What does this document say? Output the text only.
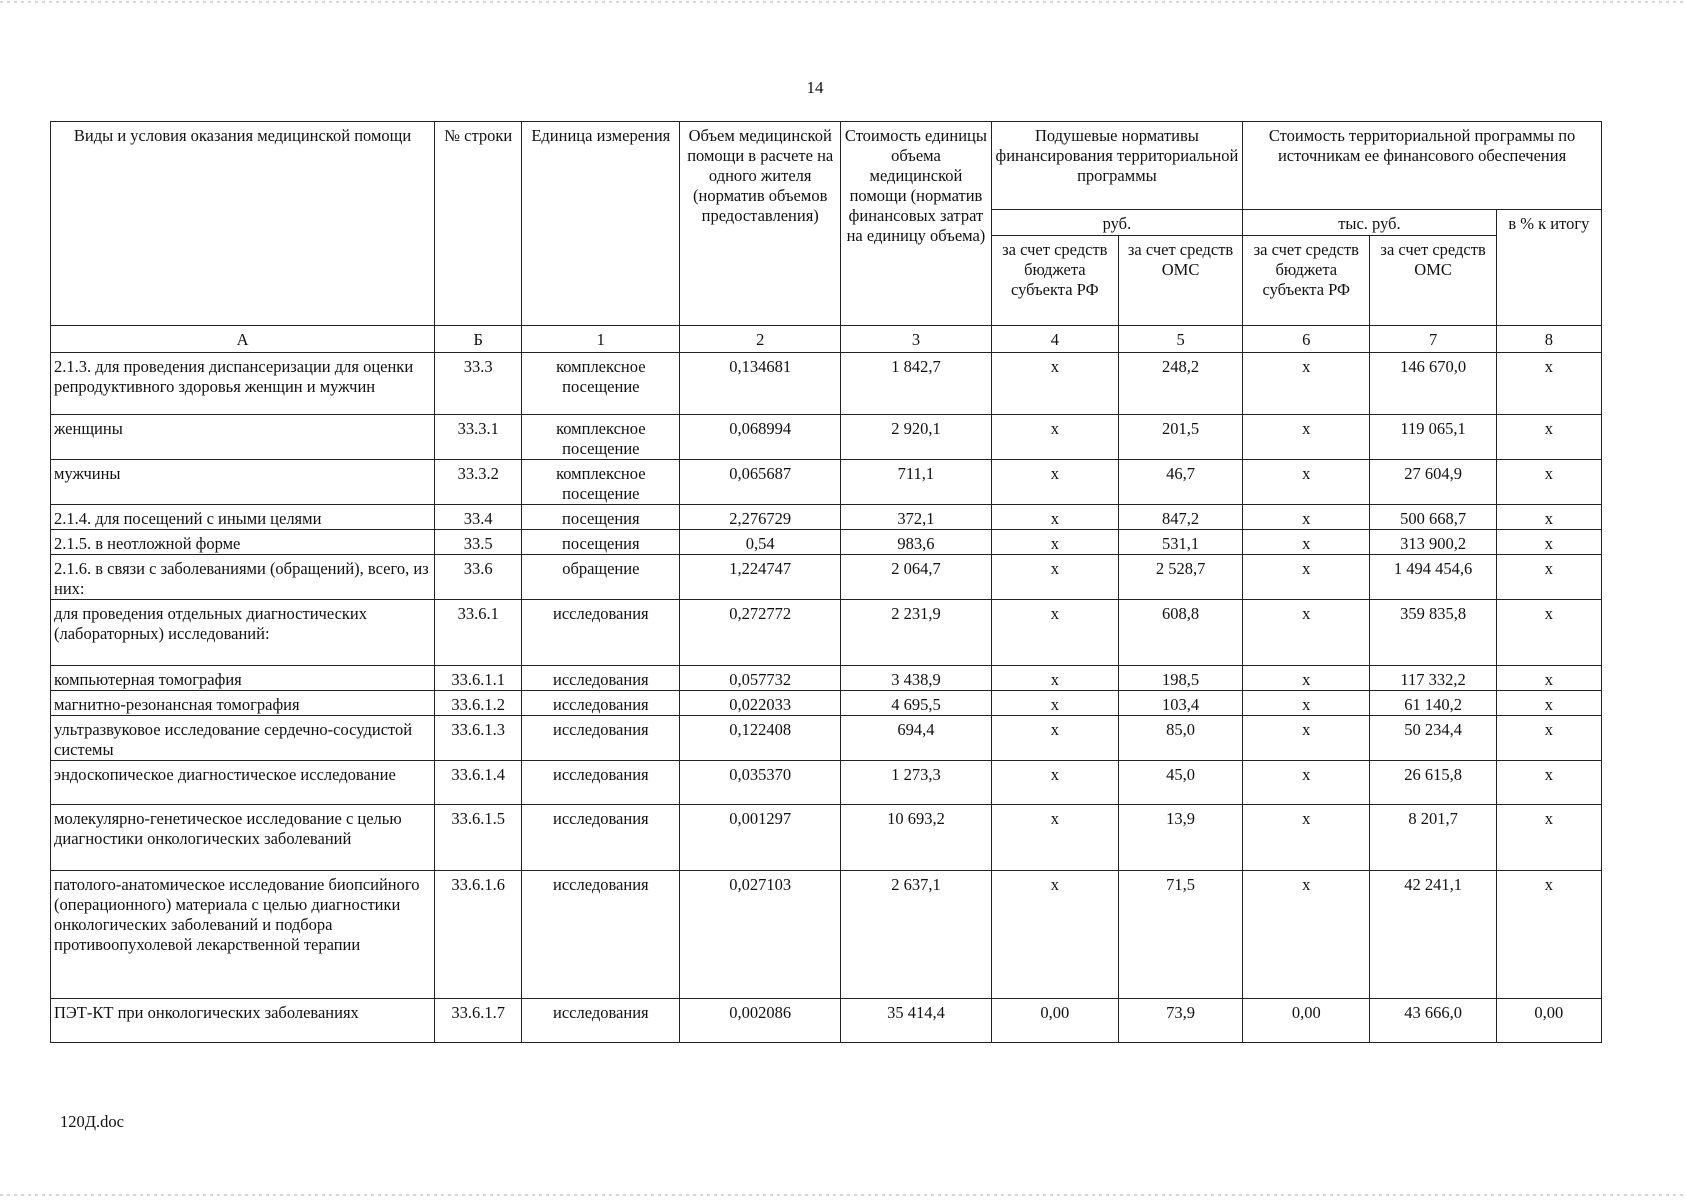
14
Виды и условия оказания медицинской помощи	№ строки	Единица измерения	Объем медицинской помощи в расчете на одного жителя (норматив объемов предоставления)	Стоимость единицы объема медицинской помощи (норматив финансовых затрат на единицу объема)	Подушевые нормативы финансирования территориальной программы		Стоимость территориальной программы по источникам ее финансового обеспечения		
					руб.		тыс. руб.		в % к итогу
					за счет средств бюджета субъекта РФ	за счет средств ОМС	за счет средств бюджета субъекта РФ	за счет средств ОМС	
А	Б	1	2	3	4	5	6	7	8
2.1.3. для проведения диспансеризации для оценки репродуктивного здоровья женщин и мужчин	33.3	комплексное посещение	0,134681	1 842,7	х	248,2	х	146 670,0	х
женщины	33.3.1	комплексное посещение	0,068994	2 920,1	х	201,5	х	119 065,1	х
мужчины	33.3.2	комплексное посещение	0,065687	711,1	х	46,7	х	27 604,9	х
2.1.4. для посещений с иными целями	33.4	посещения	2,276729	372,1	х	847,2	х	500 668,7	х
2.1.5. в неотложной форме	33.5	посещения	0,54	983,6	х	531,1	х	313 900,2	х
2.1.6. в связи с заболеваниями (обращений), всего, из них:	33.6	обращение	1,224747	2 064,7	х	2 528,7	х	1 494 454,6	х
для проведения отдельных диагностических (лабораторных) исследований:	33.6.1	исследования	0,272772	2 231,9	х	608,8	х	359 835,8	х
компьютерная томография	33.6.1.1	исследования	0,057732	3 438,9	х	198,5	х	117 332,2	х
магнитно-резонансная томография	33.6.1.2	исследования	0,022033	4 695,5	х	103,4	х	61 140,2	х
ультразвуковое исследование сердечно-сосудистой системы	33.6.1.3	исследования	0,122408	694,4	х	85,0	х	50 234,4	х
эндоскопическое диагностическое исследование	33.6.1.4	исследования	0,035370	1 273,3	х	45,0	х	26 615,8	х
молекулярно-генетическое исследование с целью диагностики онкологических заболеваний	33.6.1.5	исследования	0,001297	10 693,2	х	13,9	х	8 201,7	х
патолого-анатомическое исследование биопсийного (операционного) материала с целью диагностики онкологических заболеваний и подбора противоопухолевой лекарственной терапии	33.6.1.6	исследования	0,027103	2 637,1	х	71,5	х	42 241,1	х
ПЭТ-КТ при онкологических заболеваниях	33.6.1.7	исследования	0,002086	35 414,4	0,00	73,9	0,00	43 666,0	0,00
120Д.doc
